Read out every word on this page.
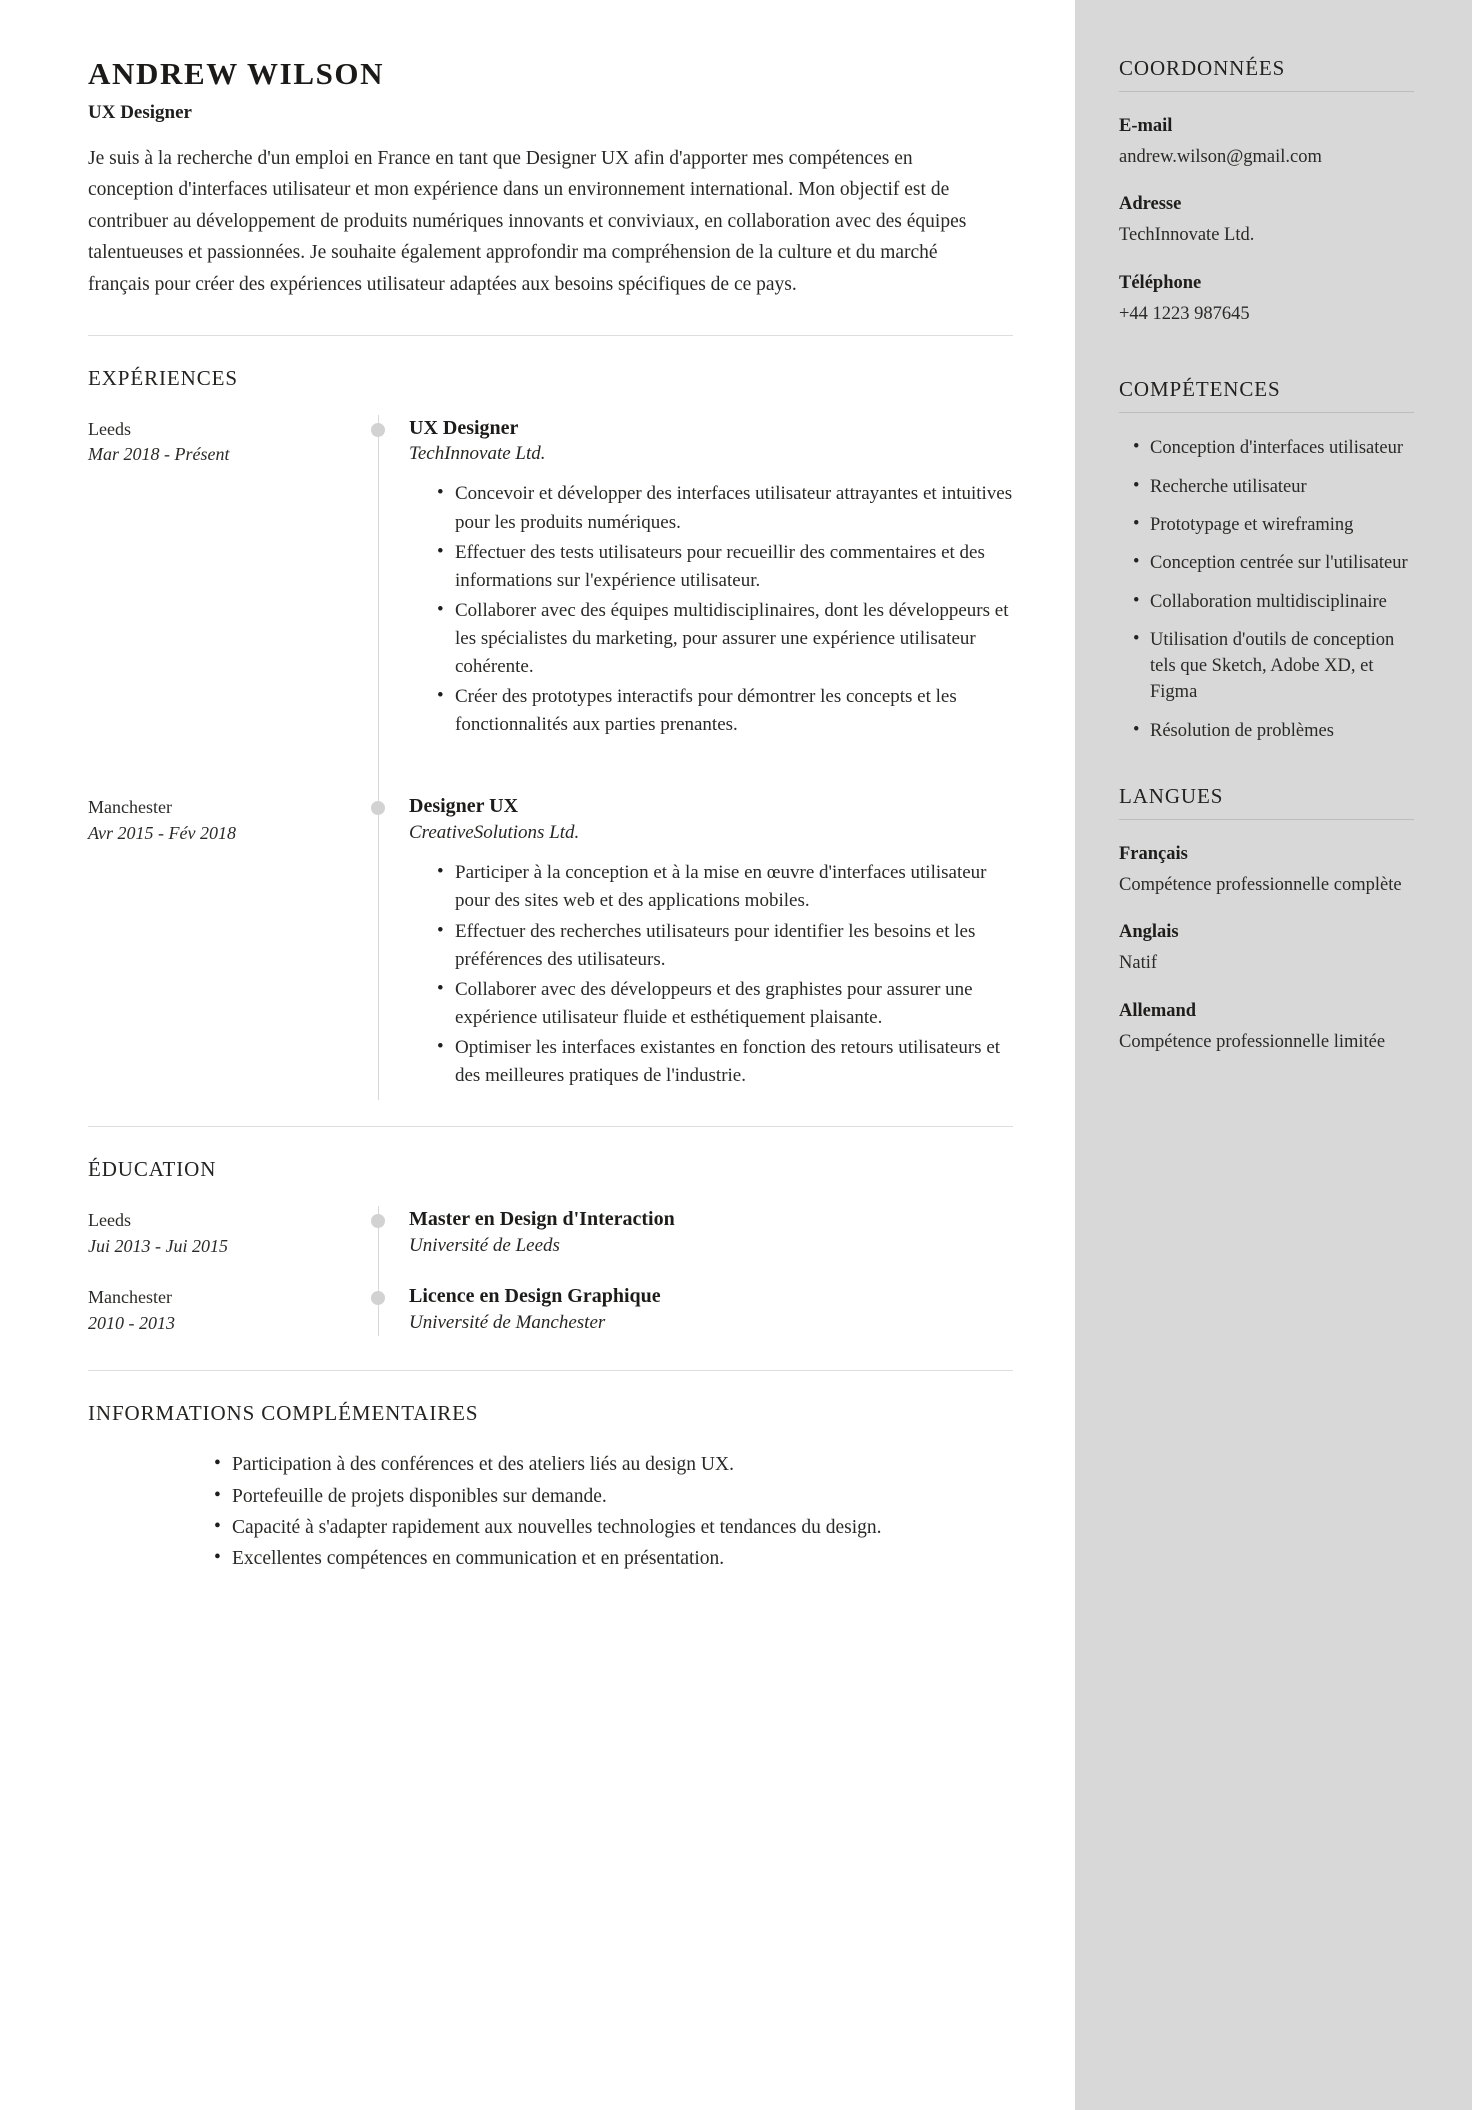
ANDREW WILSON
UX Designer

Je suis à la recherche d'un emploi en France en tant que Designer UX afin d'apporter mes compétences en conception d'interfaces utilisateur et mon expérience dans un environnement international. Mon objectif est de contribuer au développement de produits numériques innovants et conviviaux, en collaboration avec des équipes talentueuses et passionnées. Je souhaite également approfondir ma compréhension de la culture et du marché français pour créer des expériences utilisateur adaptées aux besoins spécifiques de ce pays.

EXPÉRIENCES
Leeds
Mar 2018 - Présent
UX Designer
TechInnovate Ltd.
• Concevoir et développer des interfaces utilisateur attrayantes et intuitives pour les produits numériques.
• Effectuer des tests utilisateurs pour recueillir des commentaires et des informations sur l'expérience utilisateur.
• Collaborer avec des équipes multidisciplinaires, dont les développeurs et les spécialistes du marketing, pour assurer une expérience utilisateur cohérente.
• Créer des prototypes interactifs pour démontrer les concepts et les fonctionnalités aux parties prenantes.
Manchester
Avr 2015 - Fév 2018
Designer UX
CreativeSolutions Ltd.
• Participer à la conception et à la mise en œuvre d'interfaces utilisateur pour des sites web et des applications mobiles.
• Effectuer des recherches utilisateurs pour identifier les besoins et les préférences des utilisateurs.
• Collaborer avec des développeurs et des graphistes pour assurer une expérience utilisateur fluide et esthétiquement plaisante.
• Optimiser les interfaces existantes en fonction des retours utilisateurs et des meilleures pratiques de l'industrie.
ÉDUCATION
Leeds
Jui 2013 - Jui 2015
Master en Design d'Interaction
Université de Leeds
Manchester
2010 - 2013
Licence en Design Graphique
Université de Manchester
INFORMATIONS COMPLÉMENTAIRES
• Participation à des conférences et des ateliers liés au design UX.
• Portefeuille de projets disponibles sur demande.
• Capacité à s'adapter rapidement aux nouvelles technologies et tendances du design.
• Excellentes compétences en communication et en présentation.
COORDONNÉES
E-mail
andrew.wilson@gmail.com
Adresse
TechInnovate Ltd.
Téléphone
+44 1223 987645
COMPÉTENCES
• Conception d'interfaces utilisateur
• Recherche utilisateur
• Prototypage et wireframing
• Conception centrée sur l'utilisateur
• Collaboration multidisciplinaire
• Utilisation d'outils de conception tels que Sketch, Adobe XD, et Figma
• Résolution de problèmes
LANGUES
Français
Compétence professionnelle complète
Anglais
Natif
Allemand
Compétence professionnelle limitée
